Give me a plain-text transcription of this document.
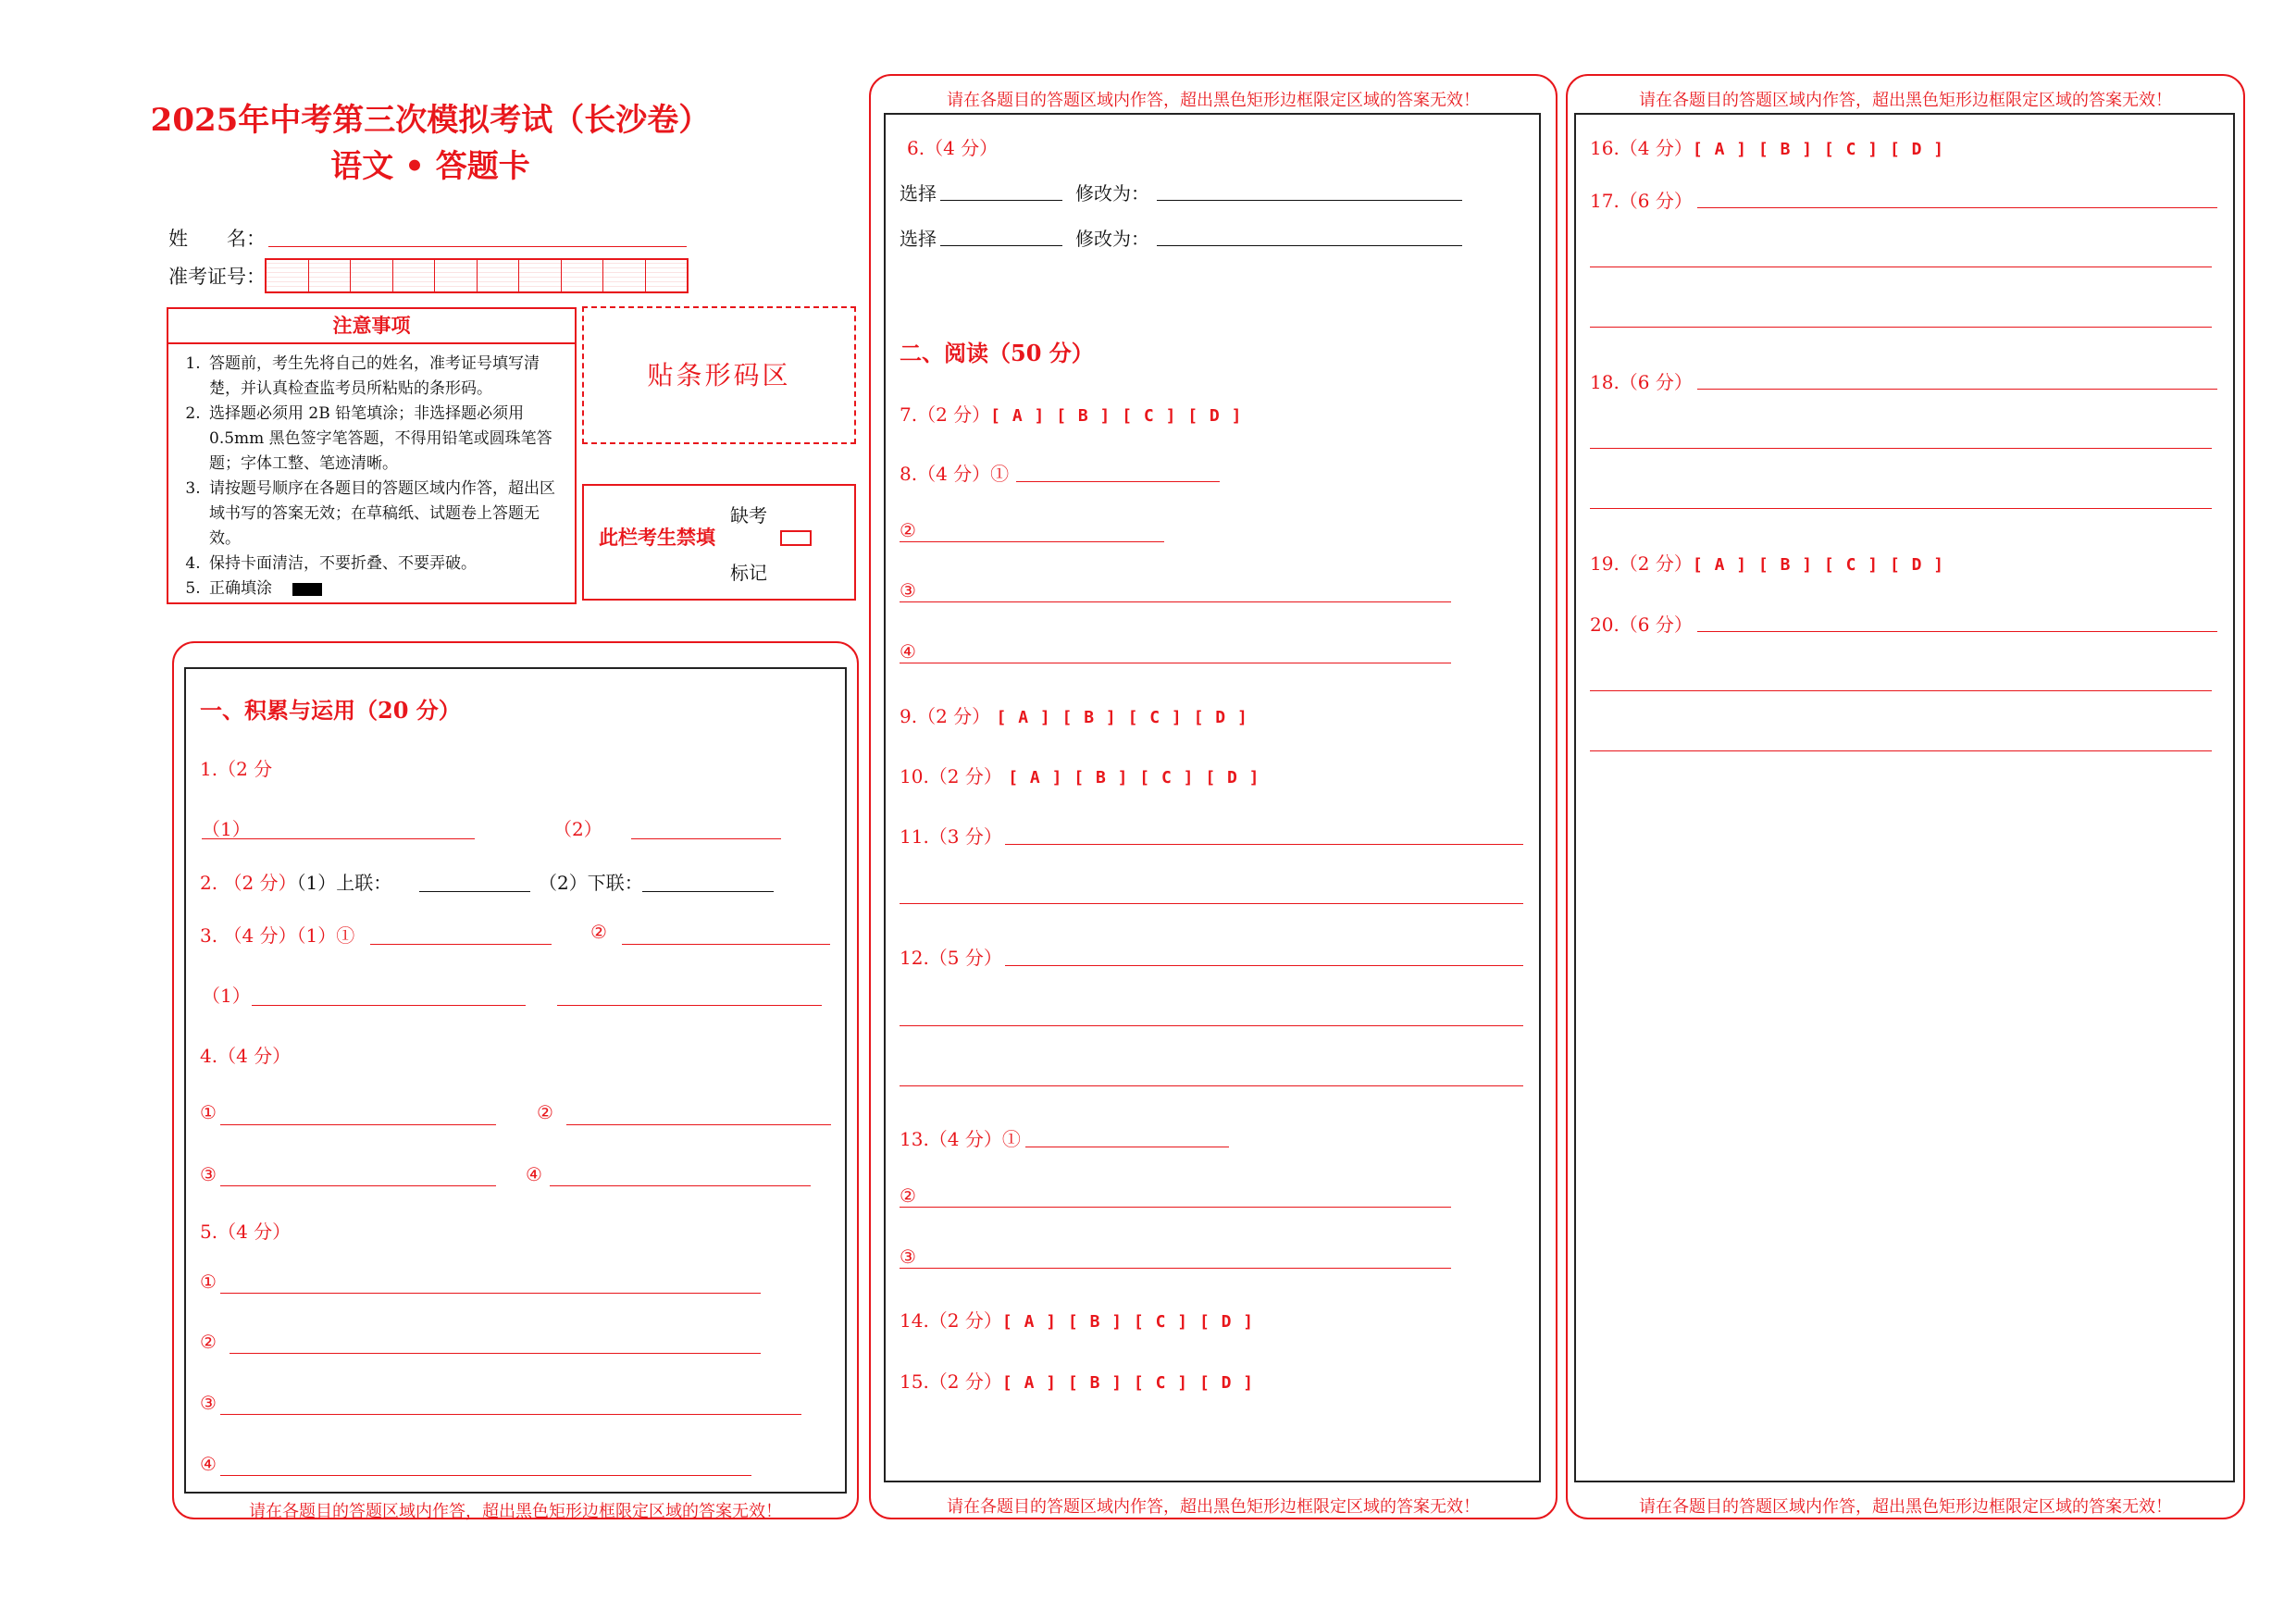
2025年中考第三次模拟考试（长沙卷）
语文 • 答题卡
姓　　名：
准考证号：
注意事项
1. 答题前，考生先将自己的姓名，准考证号填写清楚，并认真检查监考员所粘贴的条形码。
2. 选择题必须用 2B 铅笔填涂；非选择题必须用 0.5mm 黑色签字笔答题，不得用铅笔或圆珠笔答题；字体工整、笔迹清晰。
3. 请按题号顺序在各题目的答题区域内作答，超出区域书写的答案无效；在草稿纸、试题卷上答题无效。
4. 保持卡面清洁，不要折叠、不要弄破。
5. 正确填涂
贴条形码区
此栏考生禁填
缺考
标记
请在各题目的答题区域内作答，超出黑色矩形边框限定区域的答案无效！
一、积累与运用（20 分）
1.（2 分
（1）	（2）
2. （2 分）（1）上联：	（2）下联：
3. （4 分）（1）①	②
（1）
4.（4 分）
①	②
③	④
5.（4 分）
①
②
③
④
请在各题目的答题区域内作答，超出黑色矩形边框限定区域的答案无效！
请在各题目的答题区域内作答，超出黑色矩形边框限定区域的答案无效！
6.（4 分）
选择	修改为：
选择	修改为：
二、阅读（50 分）
7.（2 分）[ A ] [ B ] [ C ] [ D ]
8.（4 分）①
②
③
④
9.（2 分） [ A ] [ B ] [ C ] [ D ]
10.（2 分） [ A ] [ B ] [ C ] [ D ]
11.（3 分）
12.（5 分）
13.（4 分）①
②
③
14.（2 分）[ A ] [ B ] [ C ] [ D ]
15.（2 分）[ A ] [ B ] [ C ] [ D ]
请在各题目的答题区域内作答，超出黑色矩形边框限定区域的答案无效！
请在各题目的答题区域内作答，超出黑色矩形边框限定区域的答案无效！
16.（4 分）[ A ] [ B ] [ C ] [ D ]
17.（6 分）
18.（6 分）
19.（2 分）[ A ] [ B ] [ C ] [ D ]
20.（6 分）
